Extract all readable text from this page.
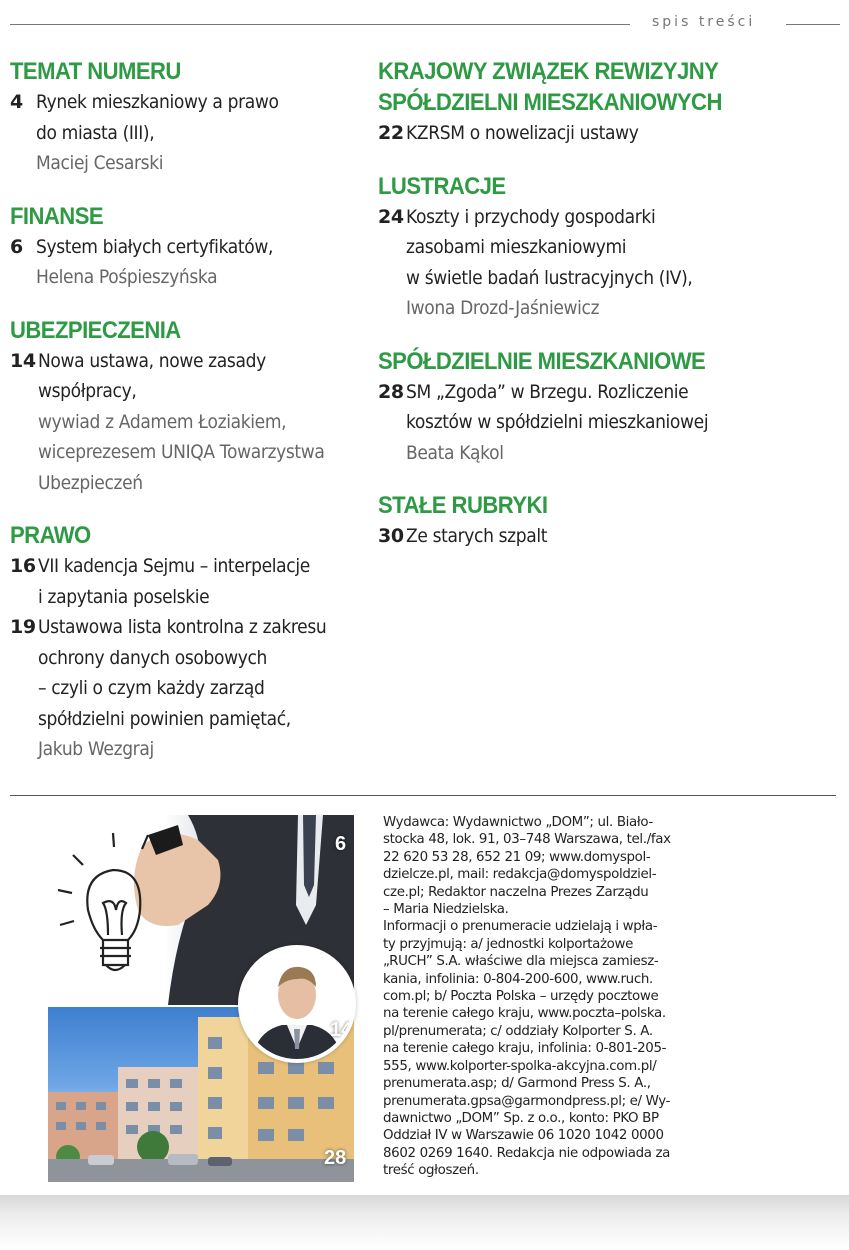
spis treści
TEMAT NUMERU
4 Rynek mieszkaniowy a prawo
do miasta (III),
Maciej Cesarski
FINANSE
6 System białych certyfikatów,
Helena Pośpieszyńska
UBEZPIECZENIA
14 Nowa ustawa, nowe zasady
współpracy,
wywiad z Adamem Łoziakiem,
wiceprezesem UNIQA Towarzystwa
Ubezpieczeń
PRAWO
16 VII kadencja Sejmu – interpelacje
i zapytania poselskie
19 Ustawowa lista kontrolna z zakresu
ochrony danych osobowych
– czyli o czym każdy zarząd
spółdzielni powinien pamiętać,
Jakub Wezgraj
KRAJOWY ZWIĄZEK REWIZYJNY
SPÓŁDZIELNI MIESZKANIOWYCH
22 KZRSM o nowelizacji ustawy
LUSTRACJE
24 Koszty i przychody gospodarki
zasobami mieszkaniowymi
w świetle badań lustracyjnych (IV),
Iwona Drozd-Jaśniewicz
SPÓŁDZIELNIE MIESZKANIOWE
28 SM „Zgoda” w Brzegu. Rozliczenie
kosztów w spółdzielni mieszkaniowej
Beata Kąkol
STAŁE RUBRYKI
30 Ze starych szpalt
6
28
14

Wydawca: Wydawnictwo „DOM”; ul. Biało-

stocka 48, lok. 91, 03–748 Warszawa, tel./fax

22 620 53 28, 652 21 09; www.domyspol-

dzielcze.pl, mail: redakcja@domyspoldziel-

cze.pl; Redaktor naczelna Prezes Zarządu

– Maria Niedzielska.

Informacji o prenumeracie udzielają i wpła-

ty przyjmują: a/ jednostki kolportażowe

„RUCH” S.A. właściwe dla miejsca zamiesz-

kania, infolinia: 0-804-200-600, www.ruch.

com.pl; b/ Poczta Polska – urzędy pocztowe

na terenie całego kraju, www.poczta–polska.

pl/prenumerata; c/ oddziały Kolporter S. A.

na terenie całego kraju, infolinia: 0-801-205-

555, www.kolporter-spolka-akcyjna.com.pl/

prenumerata.asp; d/ Garmond Press S. A.,

prenumerata.gpsa@garmondpress.pl; e/ Wy-

dawnictwo „DOM” Sp. z o.o., konto: PKO BP

Oddział IV w Warszawie 06 1020 1042 0000

8602 0269 1640. Redakcja nie odpowiada za

treść ogłoszeń.
